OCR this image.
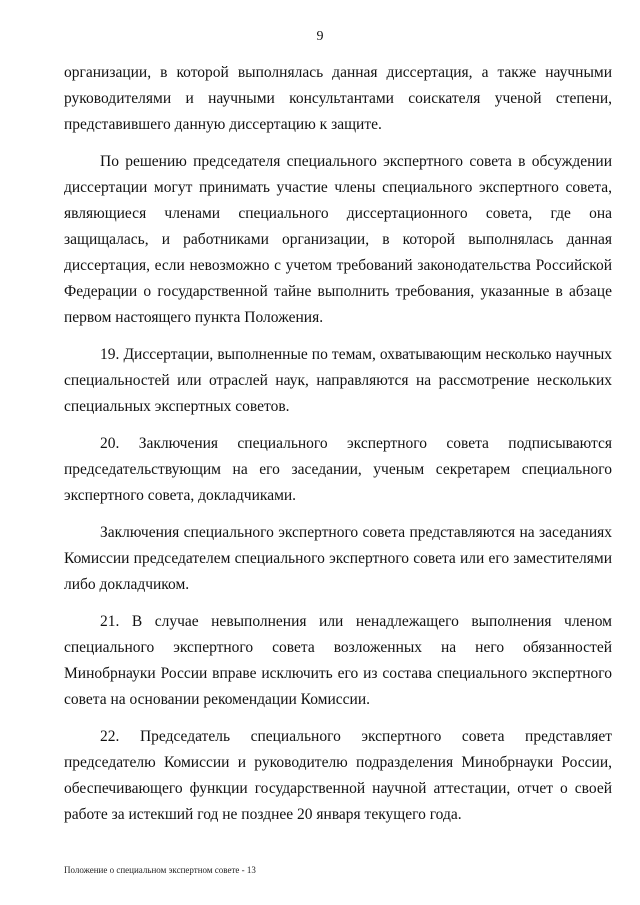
9

организации, в которой выполнялась данная диссертация, а также научными руководителями и научными консультантами соискателя ученой степени, представившего данную диссертацию к защите.

По решению председателя специального экспертного совета в обсуждении диссертации могут принимать участие члены специального экспертного совета, являющиеся членами специального диссертационного совета, где она защищалась, и работниками организации, в которой выполнялась данная диссертация, если невозможно с учетом требований законодательства Российской Федерации о государственной тайне выполнить требования, указанные в абзаце первом настоящего пункта Положения.

19. Диссертации, выполненные по темам, охватывающим несколько научных специальностей или отраслей наук, направляются на рассмотрение нескольких специальных экспертных советов.

20. Заключения специального экспертного совета подписываются председательствующим на его заседании, ученым секретарем специального экспертного совета, докладчиками.

Заключения специального экспертного совета представляются на заседаниях Комиссии председателем специального экспертного совета или его заместителями либо докладчиком.

21. В случае невыполнения или ненадлежащего выполнения членом специального экспертного совета возложенных на него обязанностей Минобрнауки России вправе исключить его из состава специального экспертного совета на основании рекомендации Комиссии.

22. Председатель специального экспертного совета представляет председателю Комиссии и руководителю подразделения Минобрнауки России, обеспечивающего функции государственной научной аттестации, отчет о своей работе за истекший год не позднее 20 января текущего года.

Положение о специальном экспертном совете - 13
